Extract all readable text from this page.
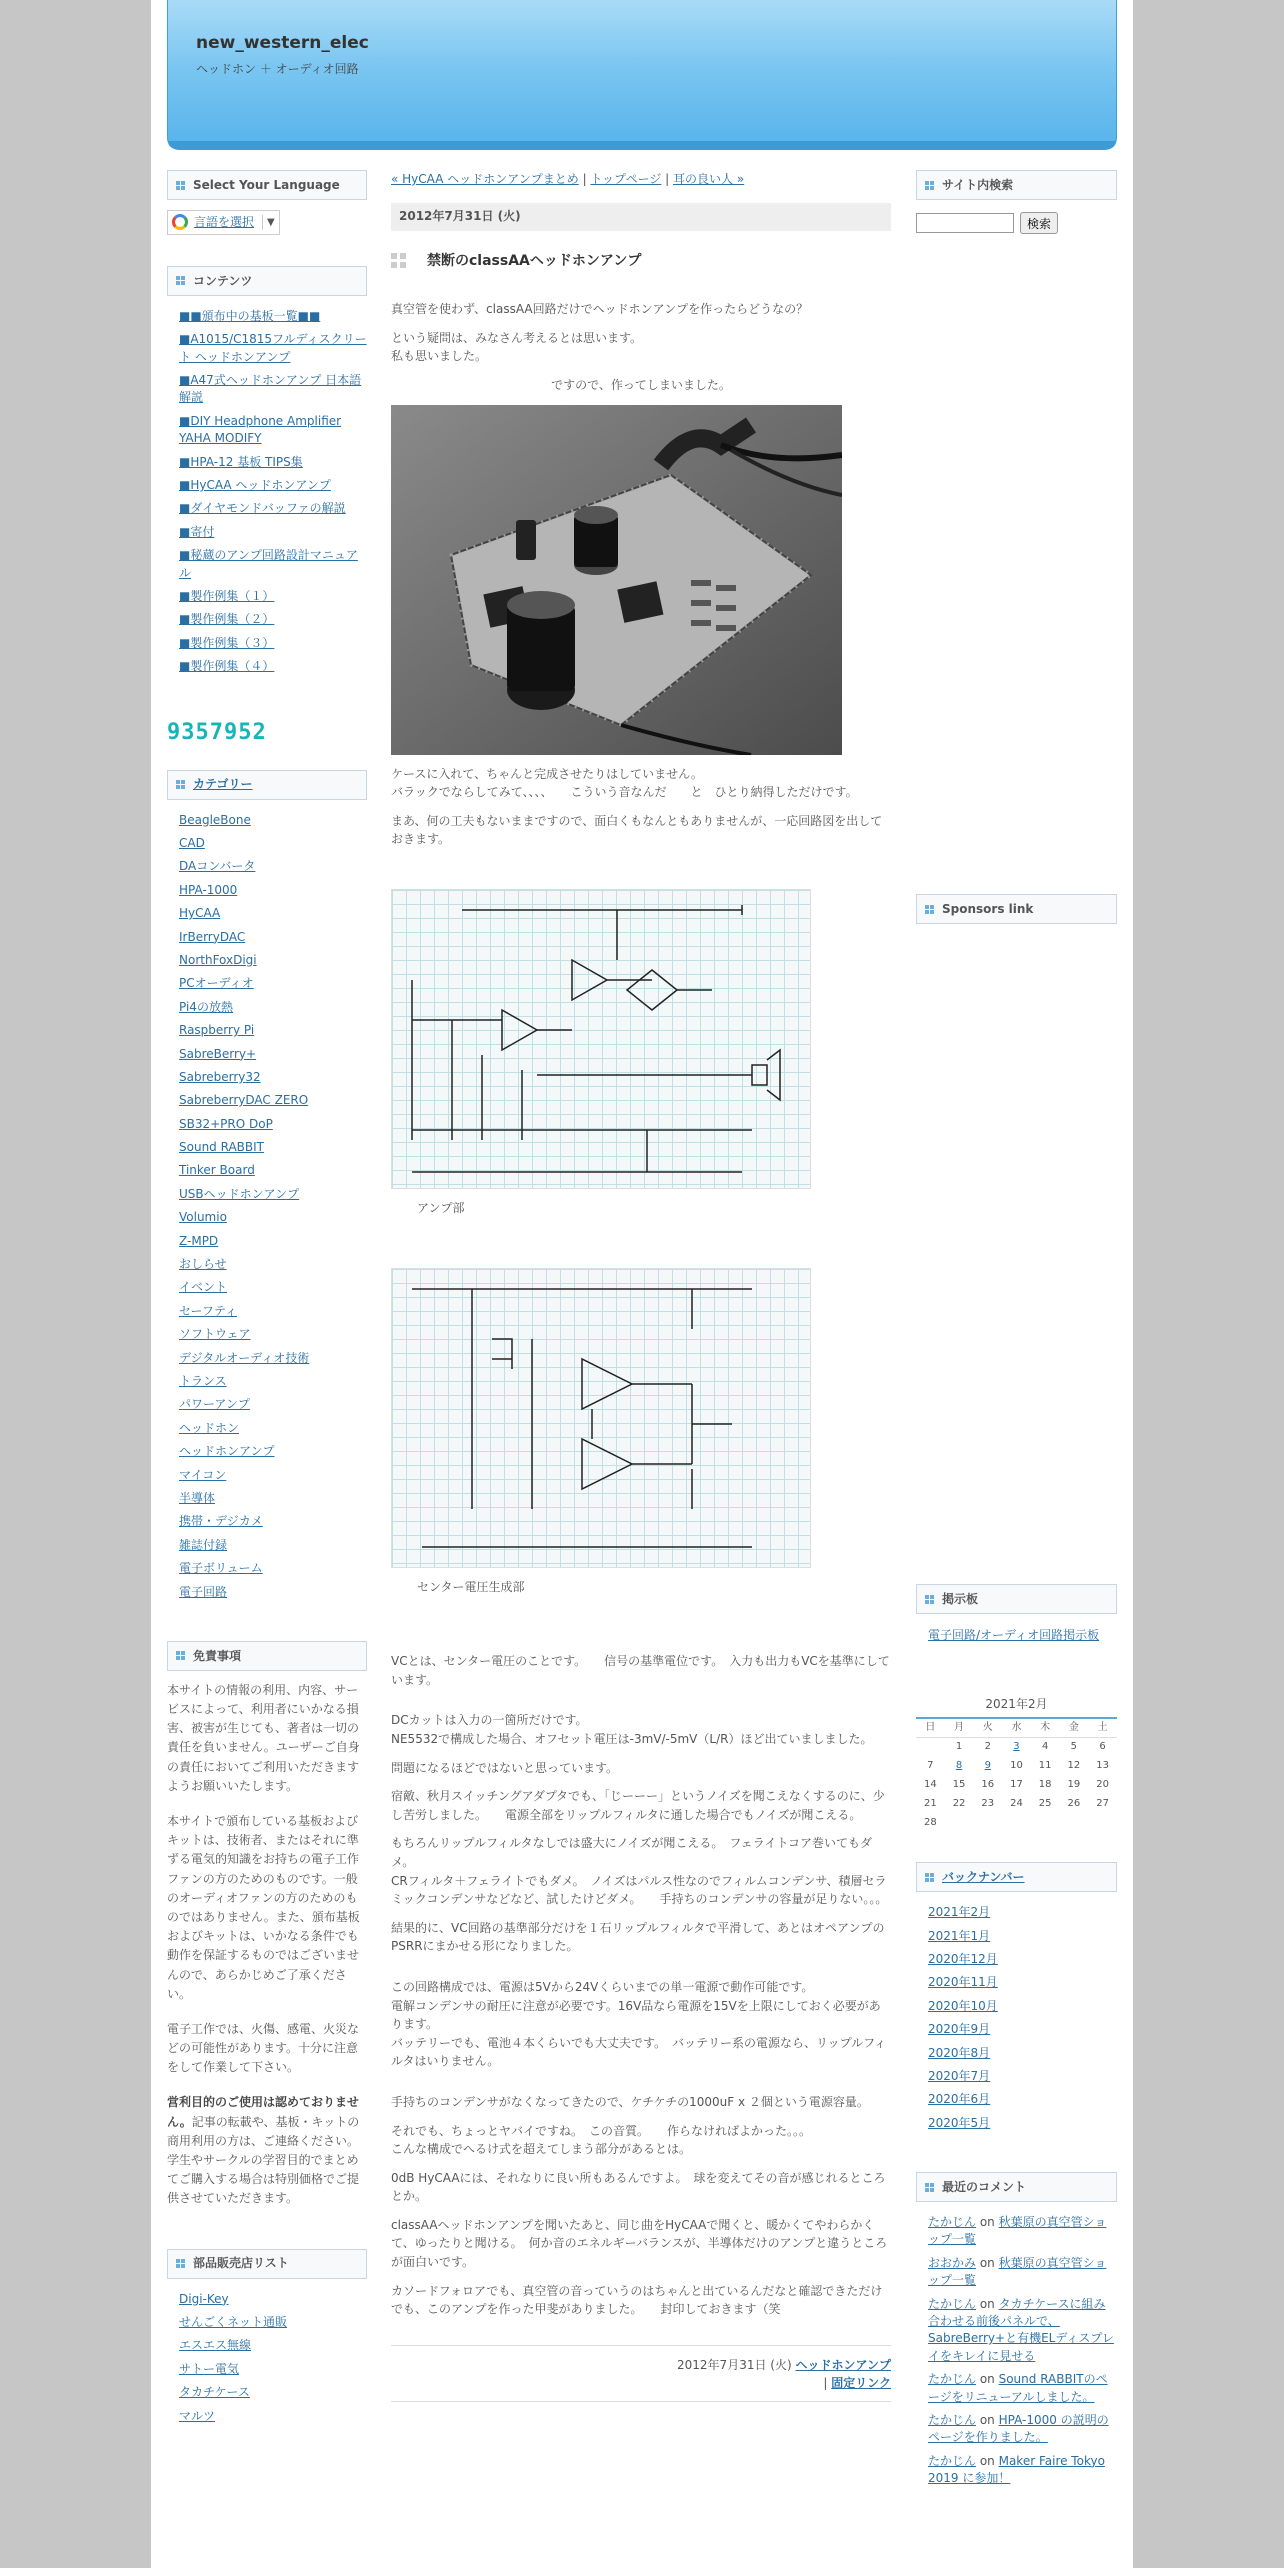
new_western_elec
ヘッドホン ＋ オーディオ回路
Select Your Language
言語を選択	▼
コンテンツ
■■頒布中の基板一覧■■
■A1015/C1815フルディスクリート ヘッドホンアンプ
■A47式ヘッドホンアンプ 日本語解説
■DIY Headphone Amplifier YAHA MODIFY
■HPA-12 基板 TIPS集
■HyCAA ヘッドホンアンプ
■ダイヤモンドバッファの解説
■寄付
■秘蔵のアンプ回路設計マニュアル
■製作例集（１）
■製作例集（２）
■製作例集（３）
■製作例集（４）
9357952
カテゴリー
BeagleBone
CAD
DAコンバータ
HPA-1000
HyCAA
IrBerryDAC
NorthFoxDigi
PCオーディオ
Pi4の放熱
Raspberry Pi
SabreBerry+
Sabreberry32
SabreberryDAC ZERO
SB32+PRO DoP
Sound RABBIT
Tinker Board
USBヘッドホンアンプ
Volumio
Z-MPD
おしらせ
イベント
セーフティ
ソフトウェア
デジタルオーディオ技術
トランス
パワーアンプ
ヘッドホン
ヘッドホンアンプ
マイコン
半導体
携帯・デジカメ
雑誌付録
電子ボリューム
電子回路
免責事項

本サイトの情報の利用、内容、サービスによって、利用者にいかなる損害、被害が生じても、著者は一切の責任を負いません。ユーザーご自身の責任においてご利用いただきますようお願いいたします。

本サイトで頒布している基板およびキットは、技術者、またはそれに準ずる電気的知識をお持ちの電子工作ファンの方のためのものです。一般のオーディオファンの方のためのものではありません。また、頒布基板およびキットは、いかなる条件でも動作を保証するものではございませんので、あらかじめご了承ください。

電子工作では、火傷、感電、火災などの可能性があります。十分に注意をして作業して下さい。

営利目的のご使用は認めておりません。記事の転載や、基板・キットの商用利用の方は、ご連絡ください。学生やサークルの学習目的でまとめてご購入する場合は特別価格でご提供させていただきます。

部品販売店リスト
Digi-Key
せんごくネット通販
エスエス無線
サトー電気
タカチケース
マルツ
« HyCAA ヘッドホンアンプまとめ | トップページ | 耳の良い人 »
2012年7月31日 (火)
禁断のclassAAヘッドホンアンプ

真空管を使わず、classAA回路だけでヘッドホンアンプを作ったらどうなの？

という疑問は、みなさん考えるとは思います。
私も思いました。

ですので、作ってしまいました。

ケースに入れて、ちゃんと完成させたりはしていません。
バラックでならしてみて、、、、　　こういう音なんだ　　と　ひとり納得しただけです。

まあ、何の工夫もないままですので、面白くもなんともありませんが、一応回路図を出しておきます。

アンプ部

センター電圧生成部

VCとは、センター電圧のことです。　　信号の基準電位です。　入力も出力もVCを基準にしています。

DCカットは入力の一箇所だけです。
NE5532で構成した場合、オフセット電圧は-3mV/-5mV（L/R）ほど出ていましました。

問題になるほどではないと思っています。

宿敵、秋月スイッチングアダプタでも、「じーーー」というノイズを聞こえなくするのに、少し苦労しました。　　電源全部をリップルフィルタに通した場合でもノイズが聞こえる。

もちろんリップルフィルタなしでは盛大にノイズが聞こえる。　フェライトコア巻いてもダメ。
CRフィルタ＋フェライトでもダメ。　ノイズはパルス性なのでフィルムコンデンサ、積層セラミックコンデンサなどなど、試したけどダメ。　　手持ちのコンデンサの容量が足りない。。。

結果的に、VC回路の基準部分だけを１石リップルフィルタで平滑して、あとはオペアンプのPSRRにまかせる形になりました。

この回路構成では、電源は5Vから24Vくらいまでの単一電源で動作可能です。
電解コンデンサの耐圧に注意が必要です。16V品なら電源を15Vを上限にしておく必要があります。
バッテリーでも、電池４本くらいでも大丈夫です。　バッテリー系の電源なら、リップルフィルタはいりません。

手持ちのコンデンサがなくなってきたので、ケチケチの1000uF x ２個という電源容量。

それでも、ちょっとヤバイですね。　この音質。　　作らなければよかった。。。
こんな構成でへるけ式を超えてしまう部分があるとは。

0dB HyCAAには、それなりに良い所もあるんですよ。　球を変えてその音が感じれるところとか。

classAAヘッドホンアンプを聞いたあと、同じ曲をHyCAAで聞くと、暖かくてやわらかくて、ゆったりと聞ける。　何か音のエネルギーバランスが、半導体だけのアンプと違うところが面白いです。

カソードフォロアでも、真空管の音っていうのはちゃんと出ているんだなと確認できただけでも、このアンプを作った甲斐がありました。　　封印しておきます（笑

2012年7月31日 (火) ヘッドホンアンプ
| 固定リンク
サイト内検索
検索
Sponsors link
掲示板
電子回路/オーディオ回路掲示板
2021年2月
日	月	火	水	木	金	土
	1	2	3	4	5	6
7	8	9	10	11	12	13
14	15	16	17	18	19	20
21	22	23	24	25	26	27
28						
バックナンバー
2021年2月
2021年1月
2020年12月
2020年11月
2020年10月
2020年9月
2020年8月
2020年7月
2020年6月
2020年5月
最近のコメント
たかじん on 秋葉原の真空管ショップ一覧
おおかみ on 秋葉原の真空管ショップ一覧
たかじん on タカチケースに組み合わせる前後パネルで、SabreBerry+と有機ELディスプレイをキレイに見せる
たかじん on Sound RABBITのページをリニューアルしました。
たかじん on HPA-1000 の説明のページを作りました。
たかじん on Maker Faire Tokyo 2019 に参加！
